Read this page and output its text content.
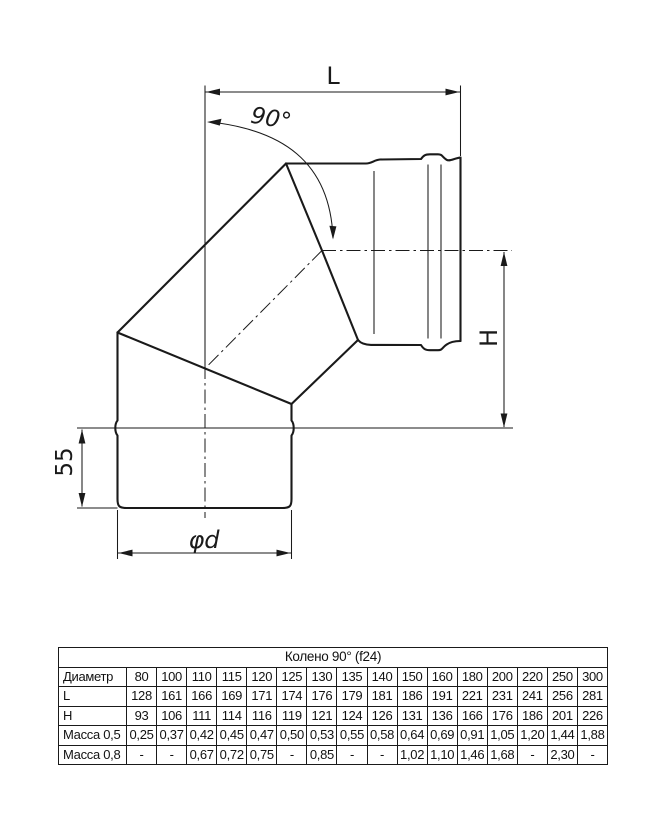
L
90°
H
55
φd
Колено 90° (f24)																
Диаметр	80	100	110	115	120	125	130	135	140	150	160	180	200	220	250	300
L	128	161	166	169	171	174	176	179	181	186	191	221	231	241	256	281
H	93	106	111	114	116	119	121	124	126	131	136	166	176	186	201	226
Масса 0,5	0,25	0,37	0,42	0,45	0,47	0,50	0,53	0,55	0,58	0,64	0,69	0,91	1,05	1,20	1,44	1,88
Масса 0,8	-	-	0,67	0,72	0,75	-	0,85	-	-	1,02	1,10	1,46	1,68	-	2,30	-
